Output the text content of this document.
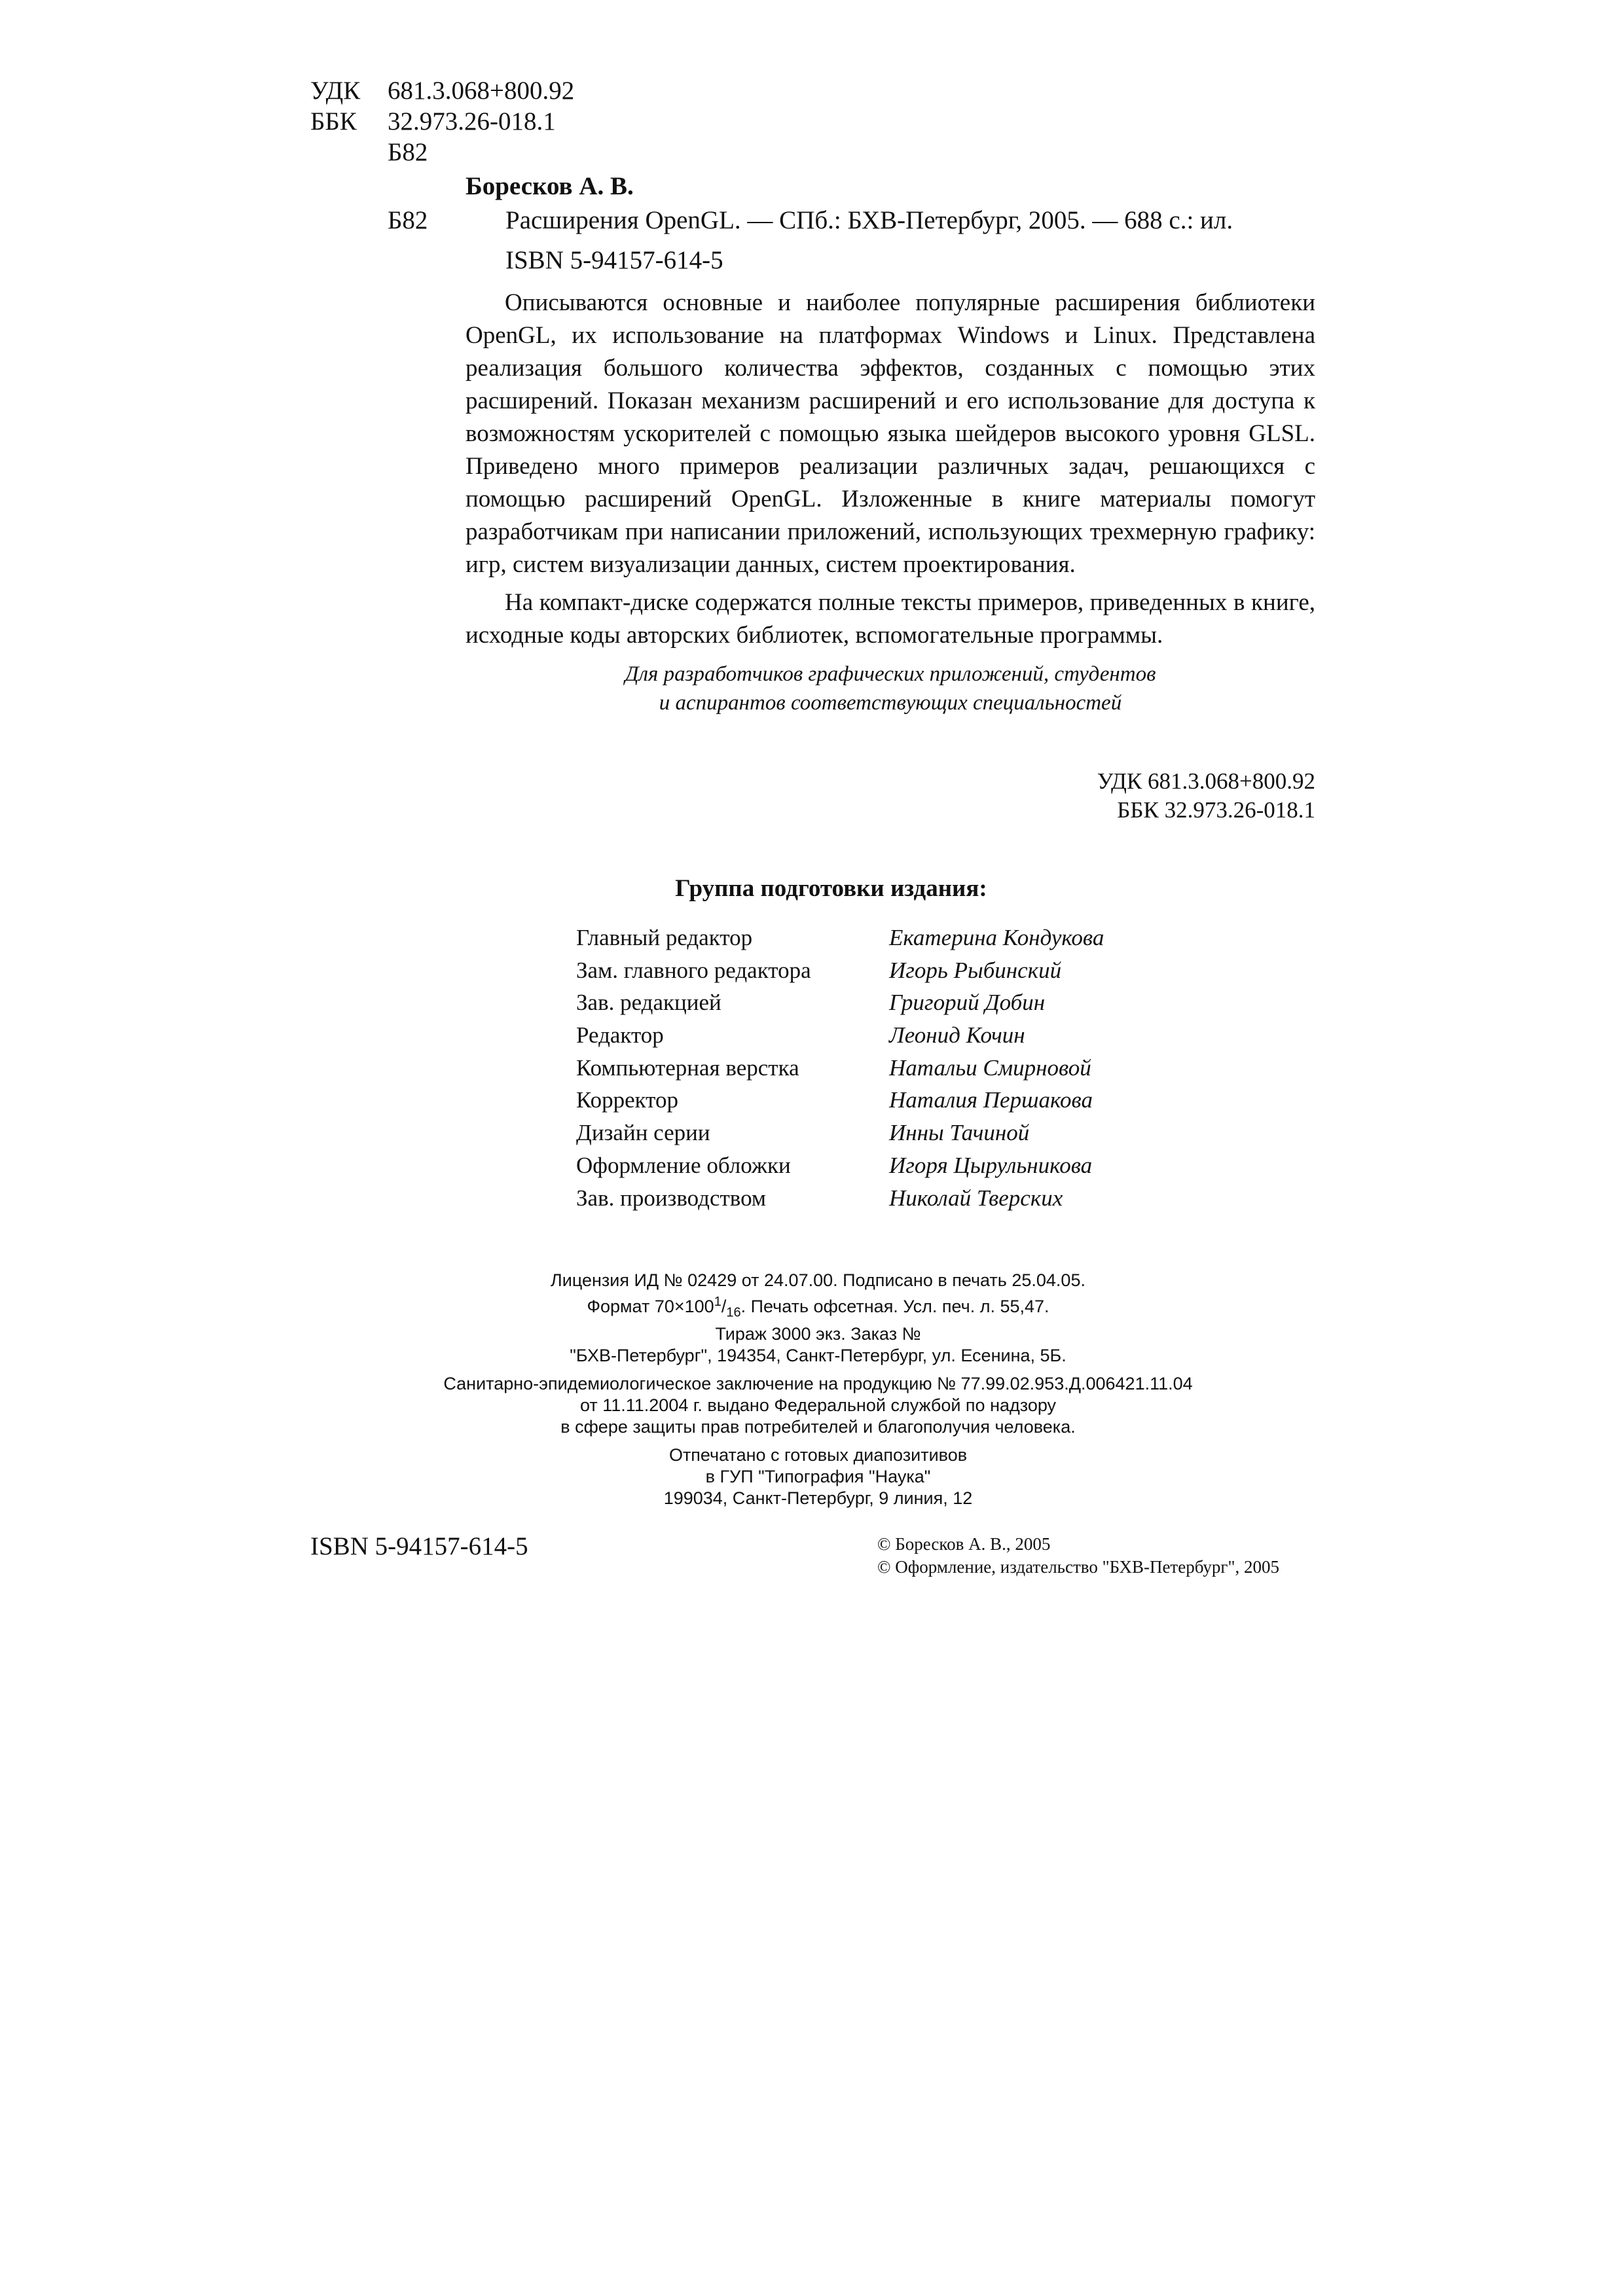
УДК 681.3.068+800.92
ББК 32.973.26-018.1
Б82
Боресков А. В.
Б82	Расширения OpenGL. — СПб.: БХВ-Петербург, 2005. — 688 с.: ил.
ISBN 5-94157-614-5

Описываются основные и наиболее популярные расширения библиотеки OpenGL, их использование на платформах Windows и Linux. Представлена реализация большого количества эффектов, созданных с помощью этих расширений. Показан механизм расширений и его использование для доступа к возможностям ускорителей с помощью языка шейдеров высокого уровня GLSL. Приведено много примеров реализации различных задач, решающихся с помощью расширений OpenGL. Изложенные в книге материалы помогут разработчикам при написании приложений, использующих трехмерную графику: игр, систем визуализации данных, систем проектирования.

На компакт-диске содержатся полные тексты примеров, приведенных в книге, исходные коды авторских библиотек, вспомогательные программы.

Для разработчиков графических приложений, студентов
и аспирантов соответствующих специальностей
УДК 681.3.068+800.92
ББК 32.973.26-018.1
Группа подготовки издания:
Главный редактор	Екатерина Кондукова
Зам. главного редактора	Игорь Рыбинский
Зав. редакцией	Григорий Добин
Редактор	Леонид Кочин
Компьютерная верстка	Натальи Смирновой
Корректор	Наталия Першакова
Дизайн серии	Инны Тачиной
Оформление обложки	Игоря Цырульникова
Зав. производством	Николай Тверских
Лицензия ИД № 02429 от 24.07.00. Подписано в печать 25.04.05.
Формат $70\times 100^1/_{16}$. Печать офсетная. Усл. печ. л. 55,47.
Тираж 3000 экз. Заказ №
"БХВ-Петербург", 194354, Санкт-Петербург, ул. Есенина, 5Б.
Санитарно-эпидемиологическое заключение на продукцию № 77.99.02.953.Д.006421.11.04
от 11.11.2004 г. выдано Федеральной службой по надзору
в сфере защиты прав потребителей и благополучия человека.
Отпечатано с готовых диапозитивов
в ГУП "Типография "Наука"
199034, Санкт-Петербург, 9 линия, 12
ISBN 5-94157-614-5	© Боресков А. В., 2005
© Оформление, издательство "БХВ-Петербург", 2005
